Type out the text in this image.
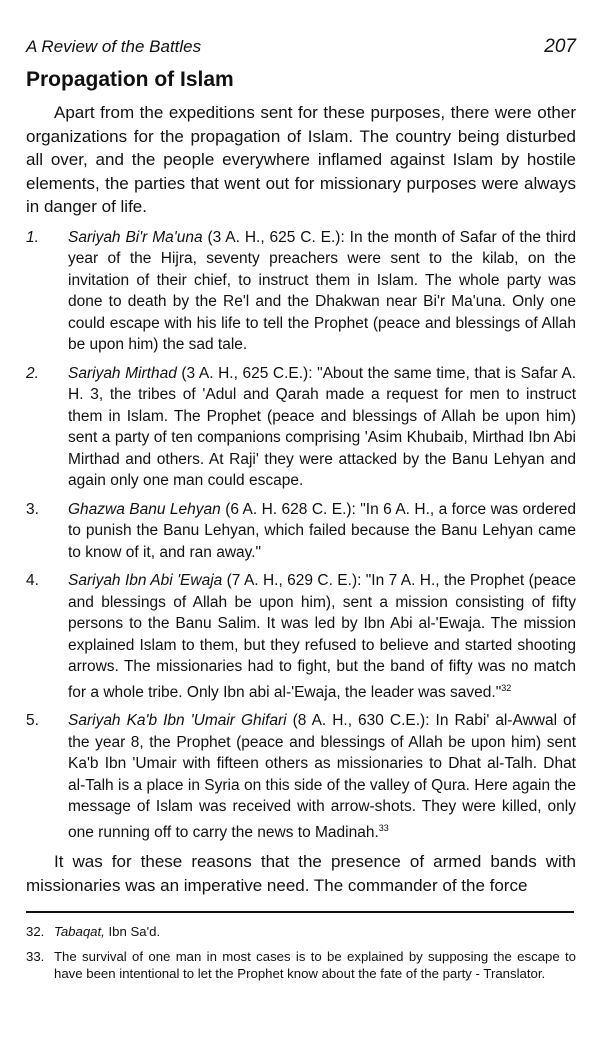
A Review of the Battles	207
Propagation of Islam

Apart from the expeditions sent for these purposes, there were other organizations for the propagation of Islam. The country being disturbed all over, and the people everywhere inflamed against Islam by hostile elements, the parties that went out for missionary purposes were always in danger of life.

1.	Sariyah Bi'r Ma'una (3 A. H., 625 C. E.): In the month of Safar of the third year of the Hijra, seventy preachers were sent to the kilab, on the invitation of their chief, to instruct them in Islam. The whole party was done to death by the Re'l and the Dhakwan near Bi'r Ma'una. Only one could escape with his life to tell the Prophet (peace and blessings of Allah be upon him) the sad tale.
2.	Sariyah Mirthad (3 A. H., 625 C.E.): "About the same time, that is Safar A. H. 3, the tribes of 'Adul and Qarah made a request for men to instruct them in Islam. The Prophet (peace and blessings of Allah be upon him) sent a party of ten companions comprising 'Asim Khubaib, Mirthad Ibn Abi Mirthad and others. At Raji' they were attacked by the Banu Lehyan and again only one man could escape.
3.	Ghazwa Banu Lehyan (6 A. H. 628 C. E.): "In 6 A. H., a force was ordered to punish the Banu Lehyan, which failed because the Banu Lehyan came to know of it, and ran away."
4.	Sariyah Ibn Abi 'Ewaja (7 A. H., 629 C. E.): "In 7 A. H., the Prophet (peace and blessings of Allah be upon him), sent a mission consisting of fifty persons to the Banu Salim. It was led by Ibn Abi al-'Ewaja. The mission explained Islam to them, but they refused to believe and started shooting arrows. The missionaries had to fight, but the band of fifty was no match for a whole tribe. Only Ibn abi al-'Ewaja, the leader was saved."$^{32}$
5.	Sariyah Ka'b Ibn 'Umair Ghifari (8 A. H., 630 C.E.): In Rabi' al-Awwal of the year 8, the Prophet (peace and blessings of Allah be upon him) sent Ka'b Ibn 'Umair with fifteen others as missionaries to Dhat al-Talh. Dhat al-Talh is a place in Syria on this side of the valley of Qura. Here again the message of Islam was received with arrow-shots. They were killed, only one running off to carry the news to Madinah.$^{33}$

It was for these reasons that the presence of armed bands with missionaries was an imperative need. The commander of the force

32. Tabaqat, Ibn Sa'd.
33. The survival of one man in most cases is to be explained by supposing the escape to have been intentional to let the Prophet know about the fate of the party - Translator.
